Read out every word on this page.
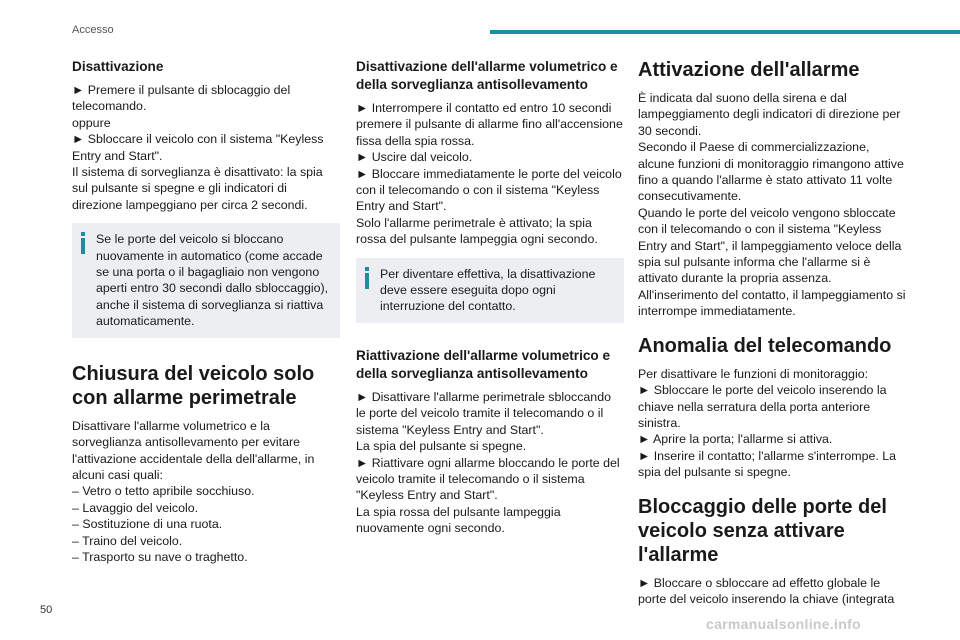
Accesso
Disattivazione

► Premere il pulsante di sblocaggio del telecomando.

oppure

► Sbloccare il veicolo con il sistema "Keyless Entry and Start".

Il sistema di sorveglianza è disattivato: la spia sul pulsante si spegne e gli indicatori di direzione lampeggiano per circa 2 secondi.

Se le porte del veicolo si bloccano nuovamente in automatico (come accade se una porta o il bagagliaio non vengono aperti entro 30 secondi dallo sbloccaggio), anche il sistema di sorveglianza si riattiva automaticamente.
Chiusura del veicolo solo con allarme perimetrale

Disattivare l'allarme volumetrico e la sorveglianza antisollevamento per evitare l'attivazione accidentale della dell'allarme, in alcuni casi quali:

– Vetro o tetto apribile socchiuso.

– Lavaggio del veicolo.

– Sostituzione di una ruota.

– Traino del veicolo.

– Trasporto su nave o traghetto.

Disattivazione dell'allarme volumetrico e della sorveglianza antisollevamento

► Interrompere il contatto ed entro 10 secondi premere il pulsante di allarme fino all'accensione fissa della spia rossa.

► Uscire dal veicolo.

► Bloccare immediatamente le porte del veicolo con il telecomando o con il sistema "Keyless Entry and Start".

Solo l'allarme perimetrale è attivato; la spia rossa del pulsante lampeggia ogni secondo.

Per diventare effettiva, la disattivazione deve essere eseguita dopo ogni interruzione del contatto.
Riattivazione dell'allarme volumetrico e della sorveglianza antisollevamento

► Disattivare l'allarme perimetrale sbloccando le porte del veicolo tramite il telecomando o il sistema "Keyless Entry and Start".

La spia del pulsante si spegne.

► Riattivare ogni allarme bloccando le porte del veicolo tramite il telecomando o il sistema "Keyless Entry and Start".

La spia rossa del pulsante lampeggia nuovamente ogni secondo.

Attivazione dell'allarme

È indicata dal suono della sirena e dal lampeggiamento degli indicatori di direzione per 30 secondi.

Secondo il Paese di commercializzazione, alcune funzioni di monitoraggio rimangono attive fino a quando l'allarme è stato attivato 11 volte consecutivamente.

Quando le porte del veicolo vengono sbloccate con il telecomando o con il sistema "Keyless Entry and Start", il lampeggiamento veloce della spia sul pulsante informa che l'allarme si è attivato durante la propria assenza.

All'inserimento del contatto, il lampeggiamento si interrompe immediatamente.

Anomalia del telecomando

Per disattivare le funzioni di monitoraggio:

► Sbloccare le porte del veicolo inserendo la chiave nella serratura della porta anteriore sinistra.

► Aprire la porta; l'allarme si attiva.

► Inserire il contatto; l'allarme s'interrompe. La spia del pulsante si spegne.

Bloccaggio delle porte del veicolo senza attivare l'allarme

► Bloccare o sbloccare ad effetto globale le porte del veicolo inserendo la chiave (integrata

50
carmanualsonline.info
